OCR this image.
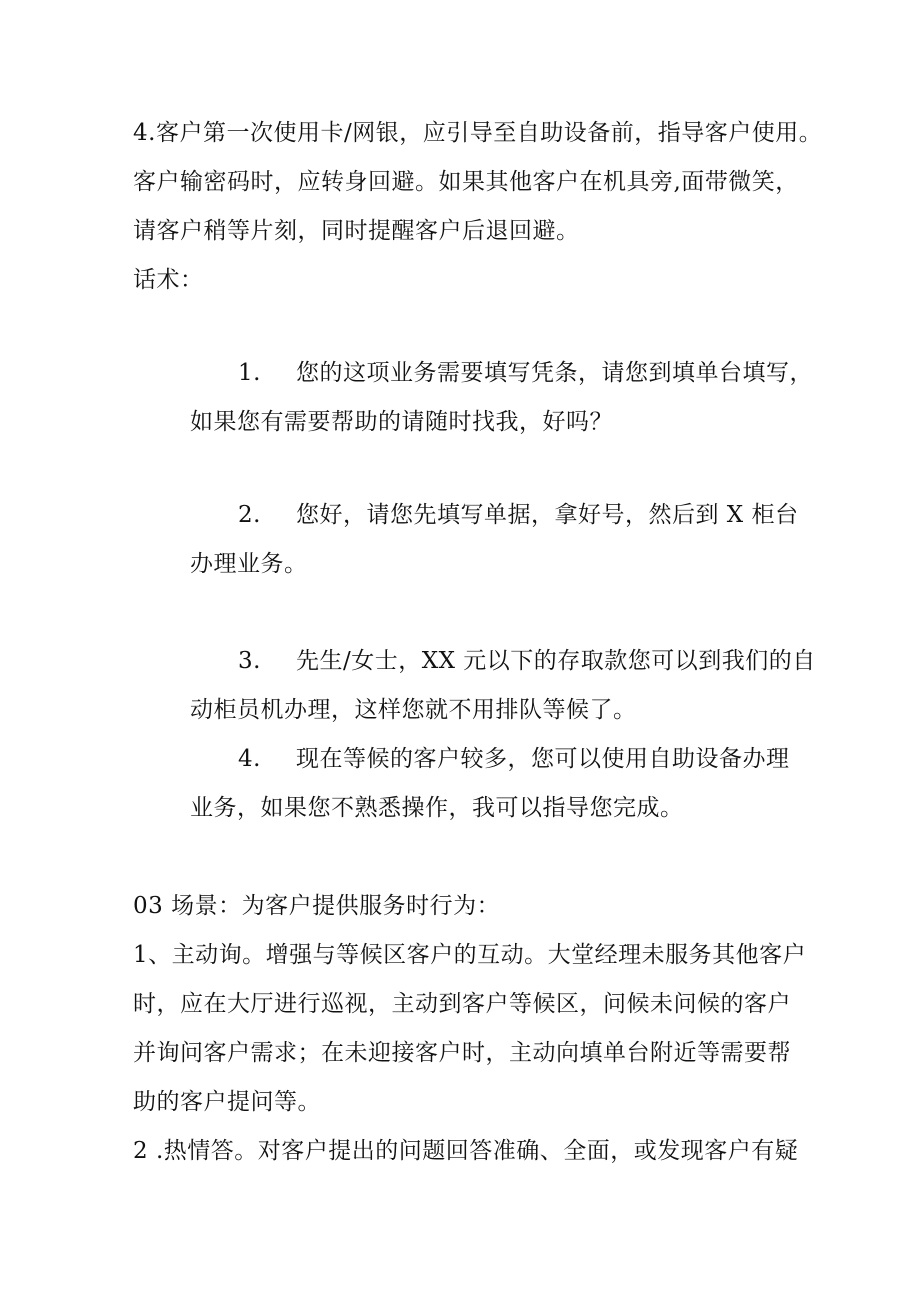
4.客户第一次使用卡/网银，应引导至自助设备前，指导客户使用。
客户输密码时，应转身回避。如果其他客户在机具旁,面带微笑，
请客户稍等片刻，同时提醒客户后退回避。
话术：
1. 您的这项业务需要填写凭条，请您到填单台填写，
如果您有需要帮助的请随时找我，好吗？
2. 您好，请您先填写单据，拿好号，然后到 X 柜台
办理业务。
3. 先生/女士，XX 元以下的存取款您可以到我们的自
动柜员机办理，这样您就不用排队等候了。
4. 现在等候的客户较多，您可以使用自助设备办理
业务，如果您不熟悉操作，我可以指导您完成。
03 场景：为客户提供服务时行为：
1、主动询。增强与等候区客户的互动。大堂经理未服务其他客户
时，应在大厅进行巡视，主动到客户等候区，问候未问候的客户
并询问客户需求；在未迎接客户时，主动向填单台附近等需要帮
助的客户提问等。
2 .热情答。对客户提出的问题回答准确、全面，或发现客户有疑
